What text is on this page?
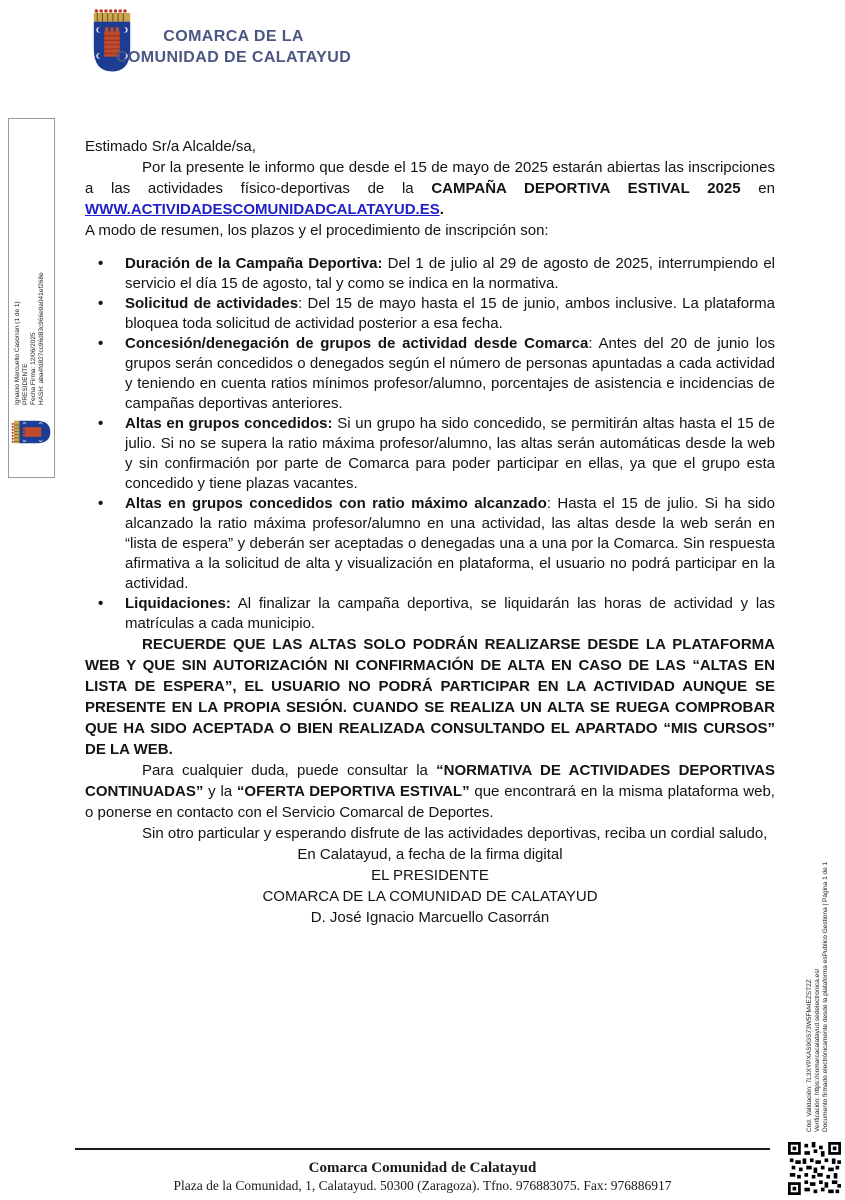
COMARCA DE LA
COMUNIDAD DE CALATAYUD
Ignacio Marcuello Casorran (1 de 1) PRESIDENTE Fecha Firma: 12/06/2025 HASH: aba4fd827cc96d83c966e9a041ef268e
Cód. Validación: 7L3XYPXAS9GS73W5FM4EZST2Z Verificación: https://comarcacalatayud.sedelectronica.es/ Documento firmado electrónicamente desde la plataforma esPublico Gestiona | Página 1 de 1

Estimado Sr/a Alcalde/sa,

Por la presente le informo que desde el 15 de mayo de 2025 estarán abiertas las inscripciones a las actividades físico-deportivas de la CAMPAÑA DEPORTIVA ESTIVAL 2025 en WWW.ACTIVIDADESCOMUNIDADCALATAYUD.ES.

A modo de resumen, los plazos y el procedimiento de inscripción son:

• Duración de la Campaña Deportiva: Del 1 de julio al 29 de agosto de 2025, interrumpiendo el servicio el día 15 de agosto, tal y como se indica en la normativa.
• Solicitud de actividades: Del 15 de mayo hasta el 15 de junio, ambos inclusive. La plataforma bloquea toda solicitud de actividad posterior a esa fecha.
• Concesión/denegación de grupos de actividad desde Comarca: Antes del 20 de junio los grupos serán concedidos o denegados según el número de personas apuntadas a cada actividad y teniendo en cuenta ratios mínimos profesor/alumno, porcentajes de asistencia e incidencias de campañas deportivas anteriores.
• Altas en grupos concedidos: Si un grupo ha sido concedido, se permitirán altas hasta el 15 de julio. Si no se supera la ratio máxima profesor/alumno, las altas serán automáticas desde la web y sin confirmación por parte de Comarca para poder participar en ellas, ya que el grupo esta concedido y tiene plazas vacantes.
• Altas en grupos concedidos con ratio máximo alcanzado: Hasta el 15 de julio. Si ha sido alcanzado la ratio máxima profesor/alumno en una actividad, las altas desde la web serán en “lista de espera” y deberán ser aceptadas o denegadas una a una por la Comarca. Sin respuesta afirmativa a la solicitud de alta y visualización en plataforma, el usuario no podrá participar en la actividad.
• Liquidaciones: Al finalizar la campaña deportiva, se liquidarán las horas de actividad y las matrículas a cada municipio.

RECUERDE QUE LAS ALTAS SOLO PODRÁN REALIZARSE DESDE LA PLATAFORMA WEB Y QUE SIN AUTORIZACIÓN NI CONFIRMACIÓN DE ALTA EN CASO DE LAS “ALTAS EN LISTA DE ESPERA”, EL USUARIO NO PODRÁ PARTICIPAR EN LA ACTIVIDAD AUNQUE SE PRESENTE EN LA PROPIA SESIÓN. CUANDO SE REALIZA UN ALTA SE RUEGA COMPROBAR QUE HA SIDO ACEPTADA O BIEN REALIZADA CONSULTANDO EL APARTADO “MIS CURSOS” DE LA WEB.

Para cualquier duda, puede consultar la “NORMATIVA DE ACTIVIDADES DEPORTIVAS CONTINUADAS” y la “OFERTA DEPORTIVA ESTIVAL” que encontrará en la misma plataforma web, o ponerse en contacto con el Servicio Comarcal de Deportes.

Sin otro particular y esperando disfrute de las actividades deportivas, reciba un cordial saludo,

En Calatayud, a fecha de la firma digital

EL PRESIDENTE
COMARCA DE LA COMUNIDAD DE CALATAYUD

D. José Ignacio Marcuello Casorrán

Comarca Comunidad de Calatayud
Plaza de la Comunidad, 1, Calatayud. 50300 (Zaragoza). Tfno. 976883075. Fax: 976886917
